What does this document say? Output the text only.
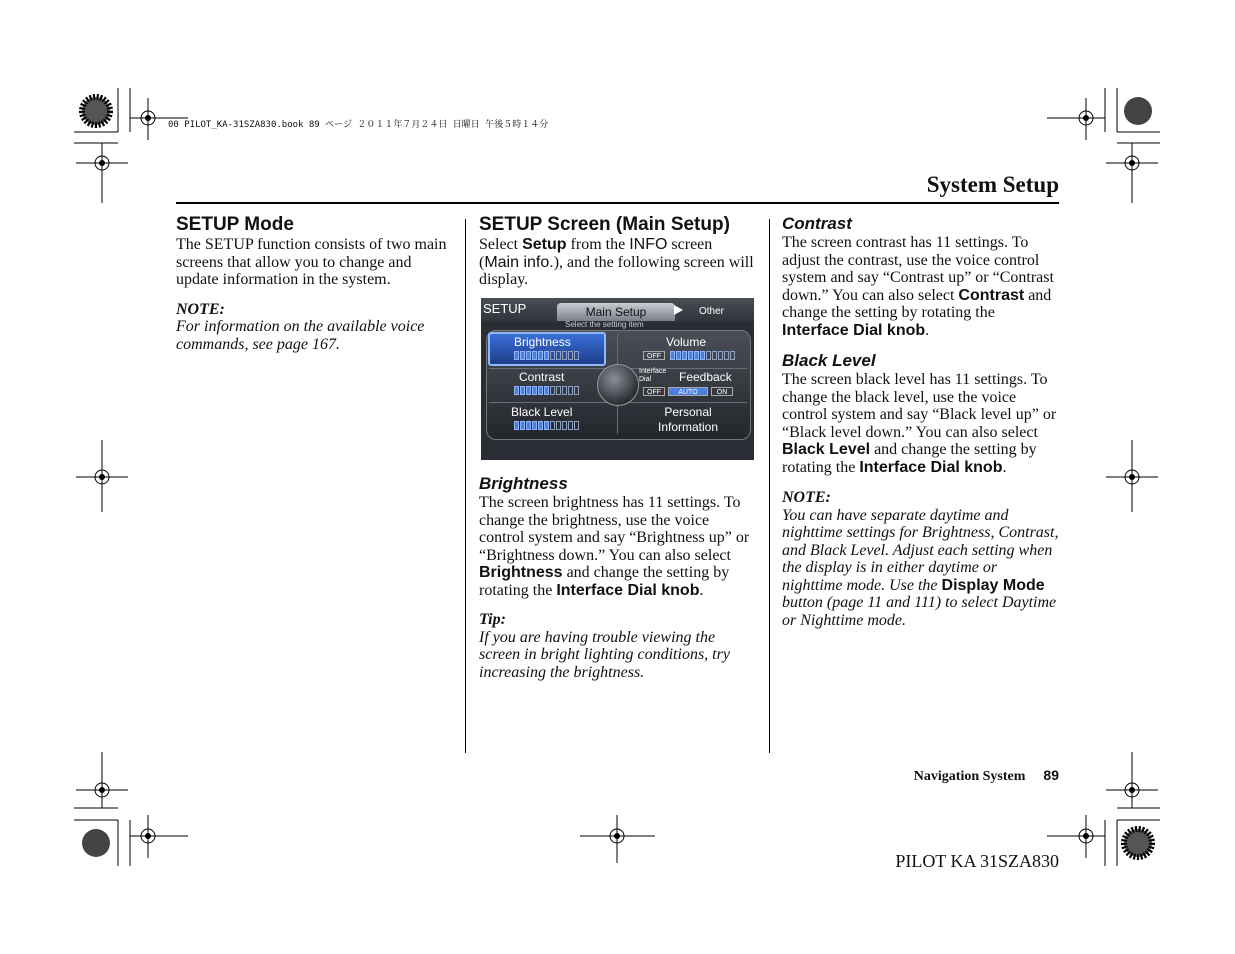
00 PILOT_KA-31SZA830.book 89 ページ ２０１１年７月２４日 日曜日 午後５時１４分
System Setup
SETUP Mode

The SETUP function consists of two main screens that allow you to change and update information in the system.

NOTE:

For information on the available voice commands, see page 167.

SETUP Screen (Main Setup)

Select Setup from the INFO screen (Main info.), and the following screen will display.

SETUP	Main Setup	Other
Select the setting item
Brightness
Contrast
Black Level
Volume
OFF
Interface Dial	Feedback
OFF	AUTO	ON
Personal Information
Brightness

The screen brightness has 11 settings. To change the brightness, use the voice control system and say “Brightness up” or “Brightness down.” You can also select Brightness and change the setting by rotating the Interface Dial knob.

Tip:

If you are having trouble viewing the screen in bright lighting conditions, try increasing the brightness.

Contrast

The screen contrast has 11 settings. To adjust the contrast, use the voice control system and say “Contrast up” or “Contrast down.” You can also select Contrast and change the setting by rotating the Interface Dial knob.

Black Level

The screen black level has 11 settings. To change the black level, use the voice control system and say “Black level up” or “Black level down.” You can also select Black Level and change the setting by rotating the Interface Dial knob.

NOTE:

You can have separate daytime and nighttime settings for Brightness, Contrast, and Black Level. Adjust each setting when the display is in either daytime or nighttime mode. Use the Display Mode button (page 11 and 111) to select Daytime or Nighttime mode.

Navigation System 89
PILOT KA 31SZA830
